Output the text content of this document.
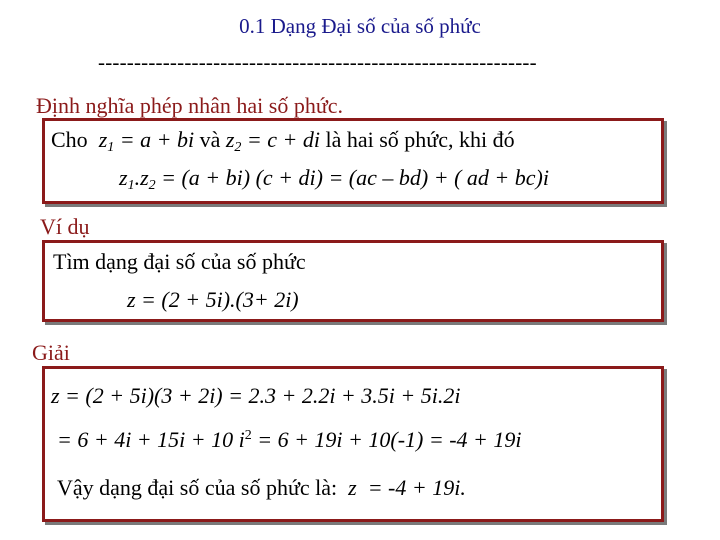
0.1 Dạng Đại số của số phức
-------------------------------------------------------------
Định nghĩa phép nhân hai số phức.
Cho $z_1 = a$ + bi và $z_2 = c$ + di là hai số phức, khi đó
$z_1.z_2 = (a + bi) (c + di) = (ac - bd)$ + ( ad + bc)i
Ví dụ
Tìm dạng đại số của số phức
z = (2 + 5i).(3+ 2i)
Giải
z = (2 + 5i)(3 + 2i) = 2.3 + 2.2i + 3.5i + 5i.2i
= 6 + 4i + 15i + 10 $i^2 = 6 + 19i + 10(-1) = -4 + 19i$
Vậy dạng đại số của số phức là: z = -4 + 19i.
